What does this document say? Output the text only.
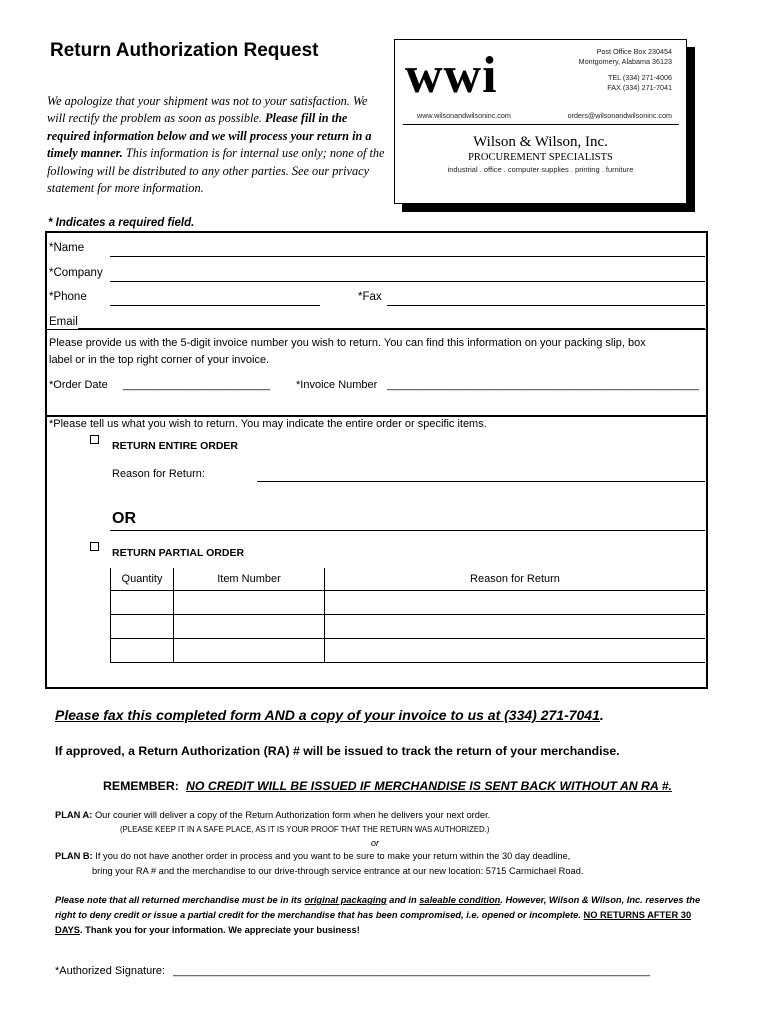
Return Authorization Request
We apologize that your shipment was not to your satisfaction. We will rectify the problem as soon as possible. Please fill in the required information below and we will process your return in a timely manner. This information is for internal use only; none of the following will be distributed to any other parties. See our privacy statement for more information.
wwi	Post Office Box 230454
Montgomery, Alabama 36123
TEL (334) 271-4006
FAX (334) 271-7041
www.wilsonandwilsoninc.com	orders@wilsonandwilsoninc.com
Wilson & Wilson, Inc.
PROCUREMENT SPECIALISTS
industrial . office . computer supplies . printing . furniture
* Indicates a required field.
*Name
*Company
*Phone	*Fax
Email
Please provide us with the 5-digit invoice number you wish to return. You can find this information on your packing slip, box
label or in the top right corner of your invoice.
*Order Date ________________________ *Invoice Number ___________________________________________________
*Please tell us what you wish to return. You may indicate the entire order or specific items.
RETURN ENTIRE ORDER
Reason for Return:
OR
RETURN PARTIAL ORDER
Quantity	Item Number	Reason for Return

Please fax this completed form AND a copy of your invoice to us at (334) 271-7041.
If approved, a Return Authorization (RA) # will be issued to track the return of your merchandise.
REMEMBER: NO CREDIT WILL BE ISSUED IF MERCHANDISE IS SENT BACK WITHOUT AN RA #.
PLAN A: Our courier will deliver a copy of the Return Authorization form when he delivers your next order.
(PLEASE KEEP IT IN A SAFE PLACE, AS IT IS YOUR PROOF THAT THE RETURN WAS AUTHORIZED.)
or
PLAN B: If you do not have another order in process and you want to be sure to make your return within the 30 day deadline,
bring your RA # and the merchandise to our drive-through service entrance at our new location: 5715 Carmichael Road.
Please note that all returned merchandise must be in its original packaging and in saleable condition. However, Wilson & Wilson, Inc. reserves the right to deny credit or issue a partial credit for the merchandise that has been compromised, i.e. opened or incomplete. NO RETURNS AFTER 30 DAYS. Thank you for your information. We appreciate your business!
*Authorized Signature: ______________________________________________________________________________
